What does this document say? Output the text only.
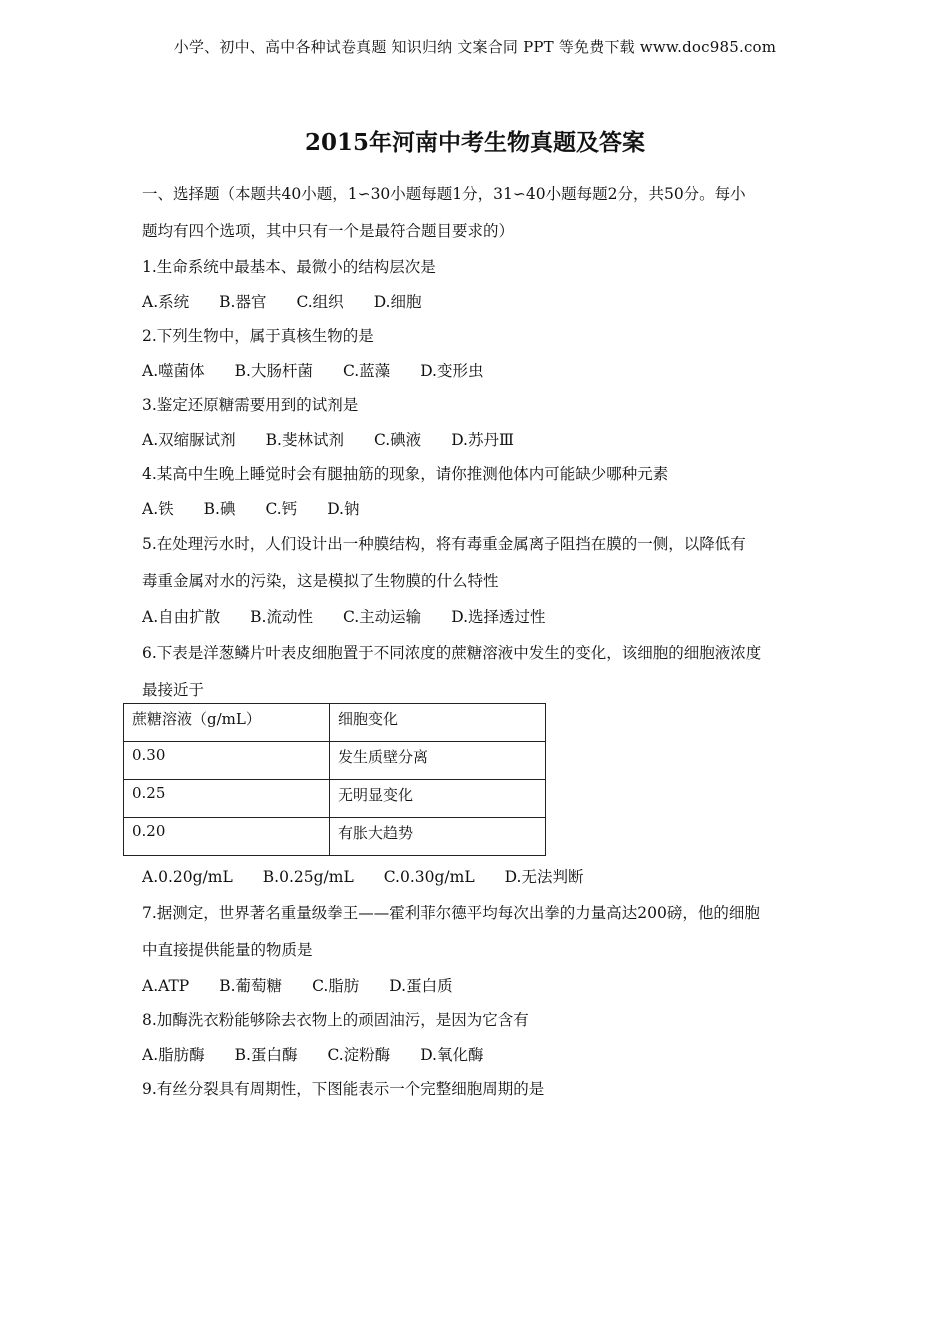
小学、初中、高中各种试卷真题 知识归纳 文案合同 PPT 等免费下载 www.doc985.com
2015年河南中考生物真题及答案
一、选择题（本题共40小题，1∽30小题每题1分，31∽40小题每题2分，共50分。每小
题均有四个选项，其中只有一个是最符合题目要求的）
1.生命系统中最基本、最微小的结构层次是
A.系统 B.器官 C.组织 D.细胞
2.下列生物中，属于真核生物的是
A.噬菌体 B.大肠杆菌 C.蓝藻 D.变形虫
3.鉴定还原糖需要用到的试剂是
A.双缩脲试剂 B.斐林试剂 C.碘液 D.苏丹Ⅲ
4.某高中生晚上睡觉时会有腿抽筋的现象，请你推测他体内可能缺少哪种元素
A.铁 B.碘 C.钙 D.钠
5.在处理污水时，人们设计出一种膜结构，将有毒重金属离子阻挡在膜的一侧，以降低有
毒重金属对水的污染，这是模拟了生物膜的什么特性
A.自由扩散 B.流动性 C.主动运输 D.选择透过性
6.下表是洋葱鳞片叶表皮细胞置于不同浓度的蔗糖溶液中发生的变化，该细胞的细胞液浓度
最接近于
蔗糖溶液（g/mL）	细胞变化
0.30	发生质壁分离
0.25	无明显变化
0.20	有胀大趋势
A.0.20g/mL B.0.25g/mL C.0.30g/mL D.无法判断
7.据测定，世界著名重量级拳王——霍利菲尔德平均每次出拳的力量高达200磅，他的细胞
中直接提供能量的物质是
A.ATP B.葡萄糖 C.脂肪 D.蛋白质
8.加酶洗衣粉能够除去衣物上的顽固油污，是因为它含有
A.脂肪酶 B.蛋白酶 C.淀粉酶 D.氧化酶
9.有丝分裂具有周期性，下图能表示一个完整细胞周期的是
